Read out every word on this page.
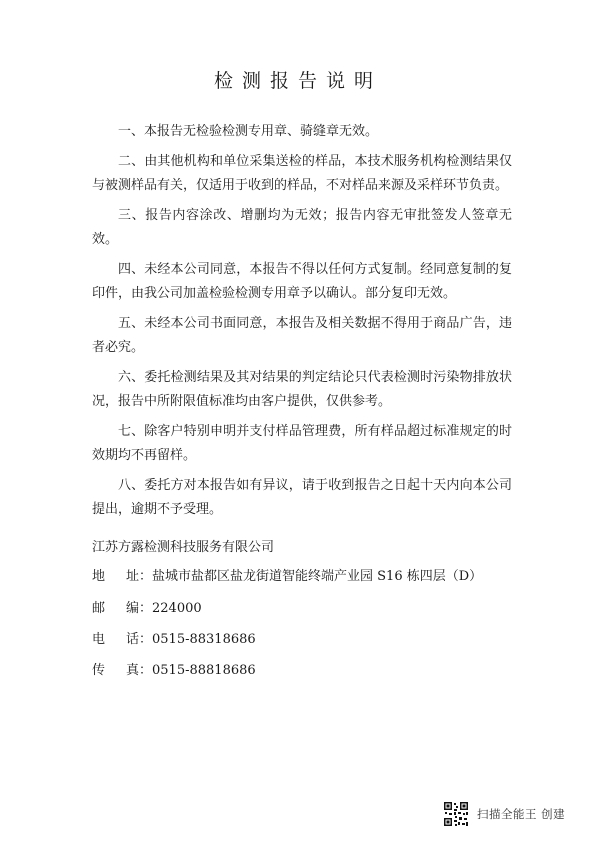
检测报告说明

一、本报告无检验检测专用章、骑缝章无效。

二、由其他机构和单位采集送检的样品，本技术服务机构检测结果仅与被测样品有关，仅适用于收到的样品，不对样品来源及采样环节负责。

三、报告内容涂改、增删均为无效；报告内容无审批签发人签章无效。

四、未经本公司同意，本报告不得以任何方式复制。经同意复制的复印件，由我公司加盖检验检测专用章予以确认。部分复印无效。

五、未经本公司书面同意，本报告及相关数据不得用于商品广告，违者必究。

六、委托检测结果及其对结果的判定结论只代表检测时污染物排放状况，报告中所附限值标准均由客户提供，仅供参考。

七、除客户特别申明并支付样品管理费，所有样品超过标准规定的时效期均不再留样。

八、委托方对本报告如有异议，请于收到报告之日起十天内向本公司提出，逾期不予受理。

江苏方露检测科技服务有限公司
地 址：盐城市盐都区盐龙街道智能终端产业园 S16 栋四层（D）
邮 编：224000
电 话：0515-88318686
传 真：0515-88818686
扫描全能王 创建
